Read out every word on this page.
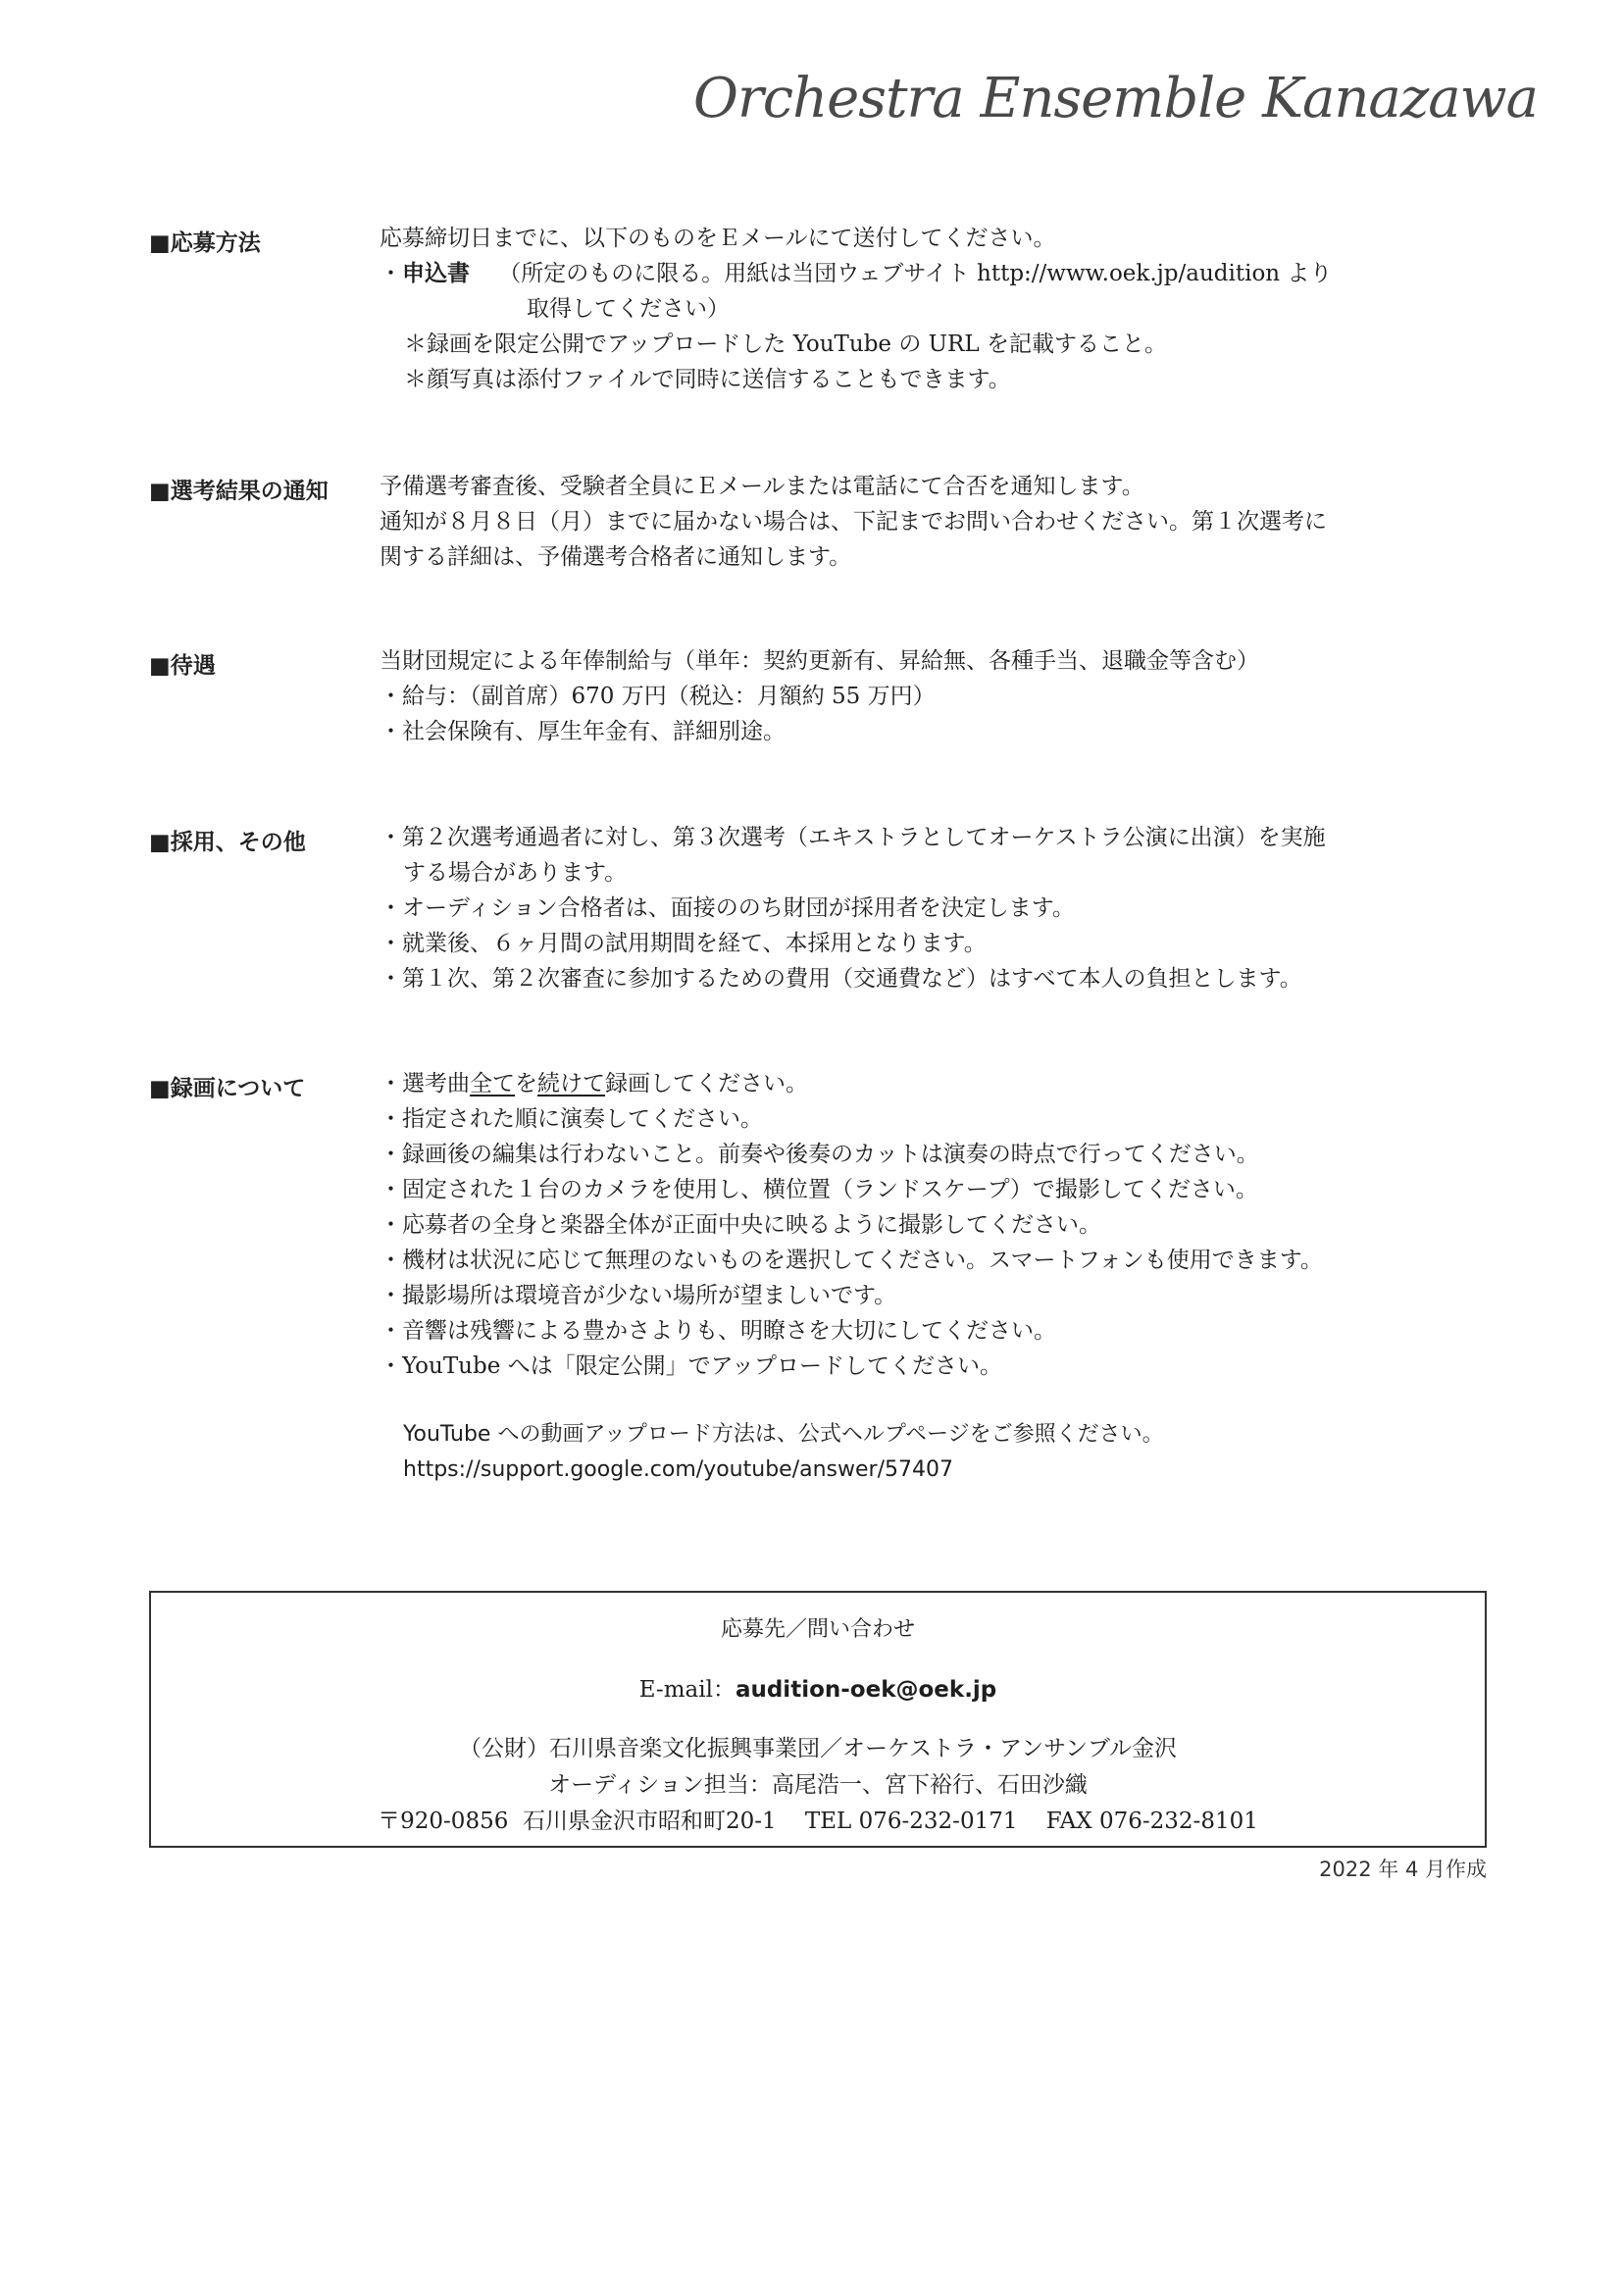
Orchestra Ensemble Kanazawa
■応募方法	応募締切日までに、以下のものをＥメールにて送付してください。
・申込書 （所定のものに限る。用紙は当団ウェブサイト http://www.oek.jp/audition より
取得してください）
＊録画を限定公開でアップロードした YouTube の URL を記載すること。
＊顔写真は添付ファイルで同時に送信することもできます。
■選考結果の通知 予備選考審査後、受験者全員にＥメールまたは電話にて合否を通知します。
通知が８月８日（月）までに届かない場合は、下記までお問い合わせください。第１次選考に
関する詳細は、予備選考合格者に通知します。
■待遇	当財団規定による年俸制給与（単年：契約更新有、昇給無、各種手当、退職金等含む）
・給与：（副首席）670 万円（税込：月額約 55 万円）
・社会保険有、厚生年金有、詳細別途。
■採用、その他	・第２次選考通過者に対し、第３次選考（エキストラとしてオーケストラ公演に出演）を実施
する場合があります。
・オーディション合格者は、面接ののち財団が採用者を決定します。
・就業後、６ヶ月間の試用期間を経て、本採用となります。
・第１次、第２次審査に参加するための費用（交通費など）はすべて本人の負担とします。
■録画について	・選考曲全てを続けて録画してください。
・指定された順に演奏してください。
・録画後の編集は行わないこと。前奏や後奏のカットは演奏の時点で行ってください。
・固定された１台のカメラを使用し、横位置（ランドスケープ）で撮影してください。
・応募者の全身と楽器全体が正面中央に映るように撮影してください。
・機材は状況に応じて無理のないものを選択してください。スマートフォンも使用できます。
・撮影場所は環境音が少ない場所が望ましいです。
・音響は残響による豊かさよりも、明瞭さを大切にしてください。
・YouTube へは「限定公開」でアップロードしてください。
YouTube への動画アップロード方法は、公式ヘルプページをご参照ください。
https://support.google.com/youtube/answer/57407
応募先／問い合わせ
E-mail：audition-oek@oek.jp
（公財）石川県音楽文化振興事業団／オーケストラ・アンサンブル金沢
オーディション担当：高尾浩一、宮下裕行、石田沙織
〒920-0856  石川県金沢市昭和町20-1    TEL 076-232-0171    FAX 076-232-8101
2022 年 4 月作成
